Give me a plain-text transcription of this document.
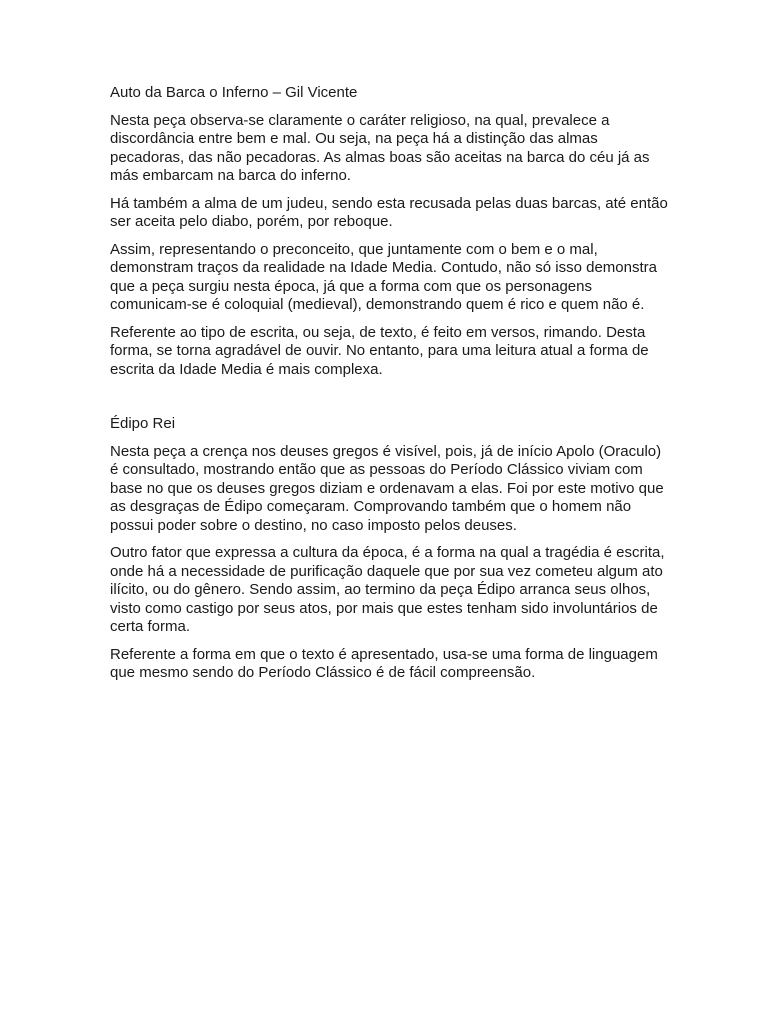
Auto da Barca o Inferno – Gil Vicente

Nesta peça observa-se claramente o caráter religioso, na qual, prevalece a discordância entre bem e mal. Ou seja, na peça há a distinção das almas pecadoras, das não pecadoras. As almas boas são aceitas na barca do céu já as más embarcam na barca do inferno.

Há também a alma de um judeu, sendo esta recusada pelas duas barcas, até então ser aceita pelo diabo, porém, por reboque.

Assim, representando o preconceito, que juntamente com o bem e o mal, demonstram traços da realidade na Idade Media. Contudo, não só isso demonstra que a peça surgiu nesta época, já que a forma com que os personagens comunicam-se é coloquial (medieval), demonstrando quem é rico e quem não é.

Referente ao tipo de escrita, ou seja, de texto, é feito em versos, rimando. Desta forma, se torna agradável de ouvir. No entanto, para uma leitura atual a forma de escrita da Idade Media é mais complexa.

Édipo Rei

Nesta peça a crença nos deuses gregos é visível, pois, já de início Apolo (Oraculo) é consultado, mostrando então que as pessoas do Período Clássico viviam com base no que os deuses gregos diziam e ordenavam a elas. Foi por este motivo que as desgraças de Édipo começaram. Comprovando também que o homem não possui poder sobre o destino, no caso imposto pelos deuses.

Outro fator que expressa a cultura da época, é a forma na qual a tragédia é escrita, onde há a necessidade de purificação daquele que por sua vez cometeu algum ato ilícito, ou do gênero. Sendo assim, ao termino da peça Édipo arranca seus olhos, visto como castigo por seus atos, por mais que estes tenham sido involuntários de certa forma.

Referente a forma em que o texto é apresentado, usa-se uma forma de linguagem que mesmo sendo do Período Clássico é de fácil compreensão.
